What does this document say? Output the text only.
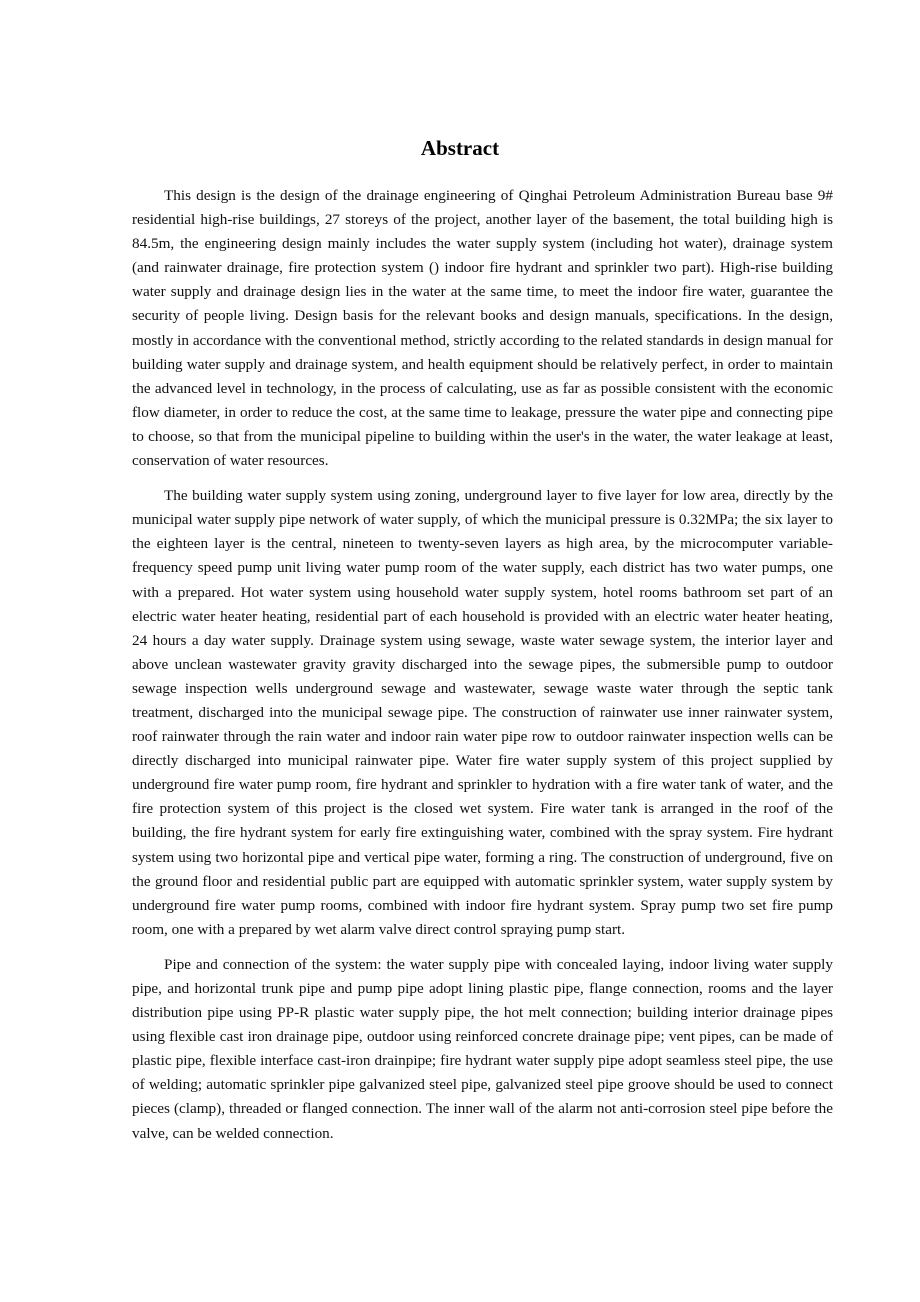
Abstract

This design is the design of the drainage engineering of Qinghai Petroleum Administration Bureau base 9# residential high-rise buildings, 27 storeys of the project, another layer of the basement, the total building high is 84.5m, the engineering design mainly includes the water supply system (including hot water), drainage system (and rainwater drainage, fire protection system () indoor fire hydrant and sprinkler two part). High-rise building water supply and drainage design lies in the water at the same time, to meet the indoor fire water, guarantee the security of people living. Design basis for the relevant books and design manuals, specifications. In the design, mostly in accordance with the conventional method, strictly according to the related standards in design manual for building water supply and drainage system, and health equipment should be relatively perfect, in order to maintain the advanced level in technology, in the process of calculating, use as far as possible consistent with the economic flow diameter, in order to reduce the cost, at the same time to leakage, pressure the water pipe and connecting pipe to choose, so that from the municipal pipeline to building within the user's in the water, the water leakage at least, conservation of water resources.

The building water supply system using zoning, underground layer to five layer for low area, directly by the municipal water supply pipe network of water supply, of which the municipal pressure is 0.32MPa; the six layer to the eighteen layer is the central, nineteen to twenty-seven layers as high area, by the microcomputer variable-frequency speed pump unit living water pump room of the water supply, each district has two water pumps, one with a prepared. Hot water system using household water supply system, hotel rooms bathroom set part of an electric water heater heating, residential part of each household is provided with an electric water heater heating, 24 hours a day water supply. Drainage system using sewage, waste water sewage system, the interior layer and above unclean wastewater gravity gravity discharged into the sewage pipes, the submersible pump to outdoor sewage inspection wells underground sewage and wastewater, sewage waste water through the septic tank treatment, discharged into the municipal sewage pipe. The construction of rainwater use inner rainwater system, roof rainwater through the rain water and indoor rain water pipe row to outdoor rainwater inspection wells can be directly discharged into municipal rainwater pipe. Water fire water supply system of this project supplied by underground fire water pump room, fire hydrant and sprinkler to hydration with a fire water tank of water, and the fire protection system of this project is the closed wet system. Fire water tank is arranged in the roof of the building, the fire hydrant system for early fire extinguishing water, combined with the spray system. Fire hydrant system using two horizontal pipe and vertical pipe water, forming a ring. The construction of underground, five on the ground floor and residential public part are equipped with automatic sprinkler system, water supply system by underground fire water pump rooms, combined with indoor fire hydrant system. Spray pump two set fire pump room, one with a prepared by wet alarm valve direct control spraying pump start.

Pipe and connection of the system: the water supply pipe with concealed laying, indoor living water supply pipe, and horizontal trunk pipe and pump pipe adopt lining plastic pipe, flange connection, rooms and the layer distribution pipe using PP-R plastic water supply pipe, the hot melt connection; building interior drainage pipes using flexible cast iron drainage pipe, outdoor using reinforced concrete drainage pipe; vent pipes, can be made of plastic pipe, flexible interface cast-iron drainpipe; fire hydrant water supply pipe adopt seamless steel pipe, the use of welding; automatic sprinkler pipe galvanized steel pipe, galvanized steel pipe groove should be used to connect pieces (clamp), threaded or flanged connection. The inner wall of the alarm not anti-corrosion steel pipe before the valve, can be welded connection.
